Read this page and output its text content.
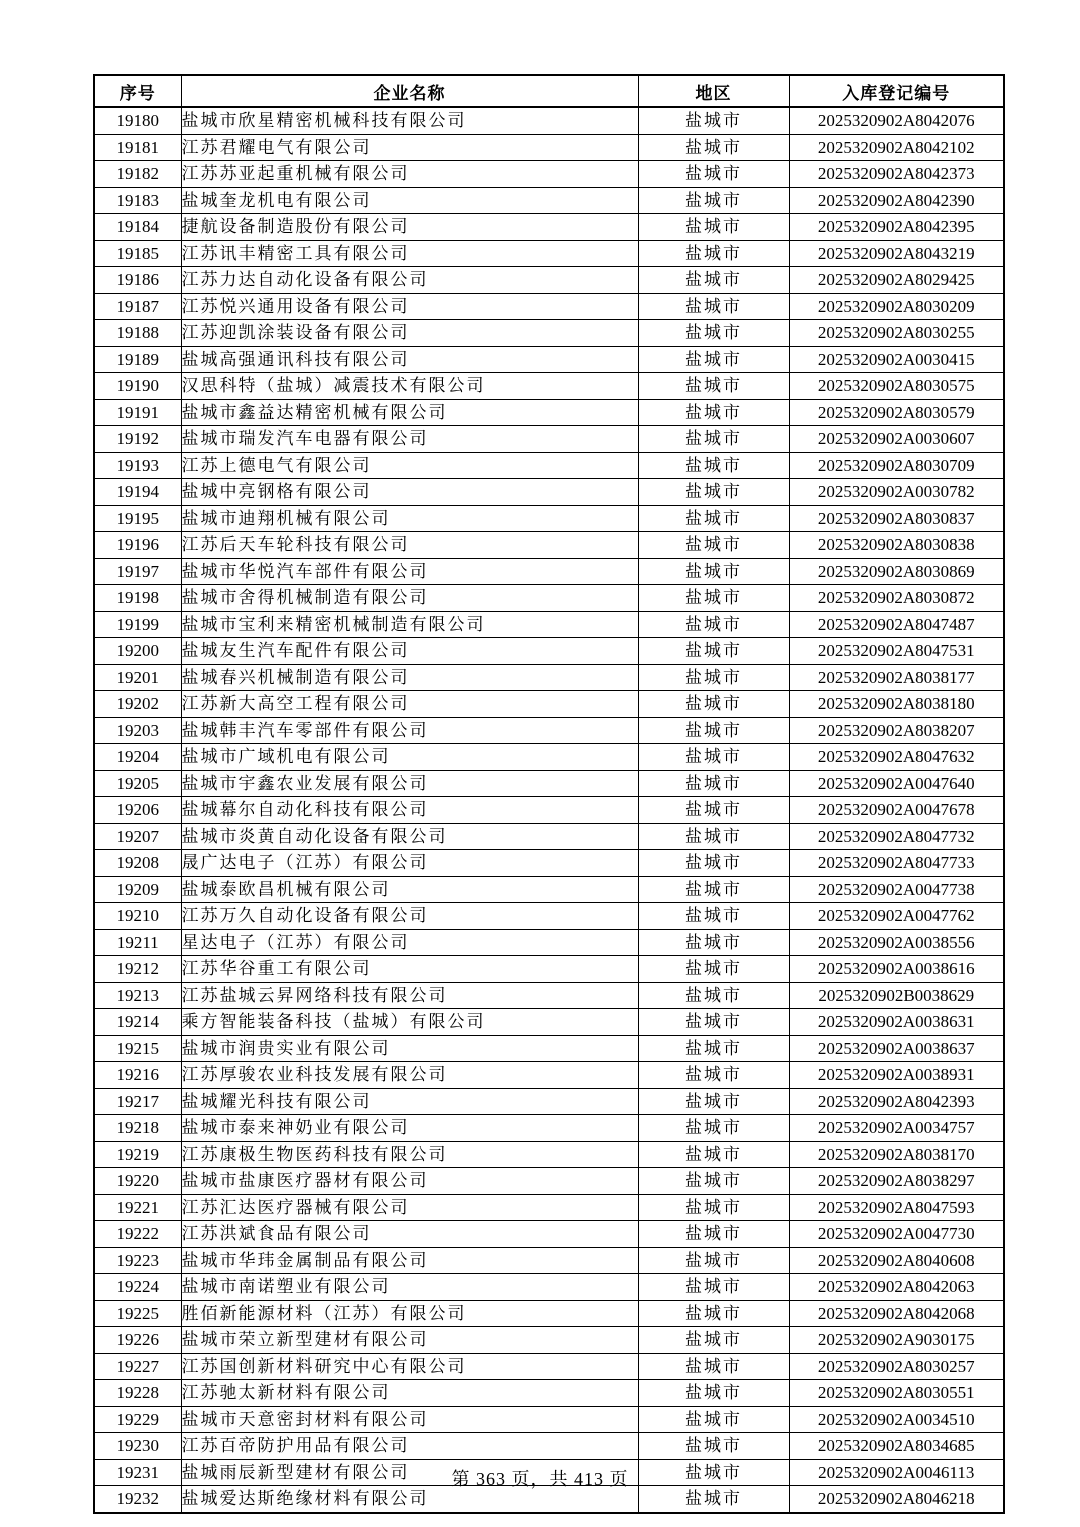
序号	企业名称	地区	入库登记编号
19180	盐城市欣星精密机械科技有限公司	盐城市	2025320902A8042076
19181	江苏君耀电气有限公司	盐城市	2025320902A8042102
19182	江苏苏亚起重机械有限公司	盐城市	2025320902A8042373
19183	盐城奎龙机电有限公司	盐城市	2025320902A8042390
19184	捷航设备制造股份有限公司	盐城市	2025320902A8042395
19185	江苏讯丰精密工具有限公司	盐城市	2025320902A8043219
19186	江苏力达自动化设备有限公司	盐城市	2025320902A8029425
19187	江苏悦兴通用设备有限公司	盐城市	2025320902A8030209
19188	江苏迎凯涂装设备有限公司	盐城市	2025320902A8030255
19189	盐城高强通讯科技有限公司	盐城市	2025320902A0030415
19190	汉思科特（盐城）减震技术有限公司	盐城市	2025320902A8030575
19191	盐城市鑫益达精密机械有限公司	盐城市	2025320902A8030579
19192	盐城市瑞发汽车电器有限公司	盐城市	2025320902A0030607
19193	江苏上德电气有限公司	盐城市	2025320902A8030709
19194	盐城中亮钢格有限公司	盐城市	2025320902A0030782
19195	盐城市迪翔机械有限公司	盐城市	2025320902A8030837
19196	江苏后天车轮科技有限公司	盐城市	2025320902A8030838
19197	盐城市华悦汽车部件有限公司	盐城市	2025320902A8030869
19198	盐城市舍得机械制造有限公司	盐城市	2025320902A8030872
19199	盐城市宝利来精密机械制造有限公司	盐城市	2025320902A8047487
19200	盐城友生汽车配件有限公司	盐城市	2025320902A8047531
19201	盐城春兴机械制造有限公司	盐城市	2025320902A8038177
19202	江苏新大高空工程有限公司	盐城市	2025320902A8038180
19203	盐城韩丰汽车零部件有限公司	盐城市	2025320902A8038207
19204	盐城市广域机电有限公司	盐城市	2025320902A8047632
19205	盐城市宇鑫农业发展有限公司	盐城市	2025320902A0047640
19206	盐城幕尔自动化科技有限公司	盐城市	2025320902A0047678
19207	盐城市炎黄自动化设备有限公司	盐城市	2025320902A8047732
19208	晟广达电子（江苏）有限公司	盐城市	2025320902A8047733
19209	盐城泰欧昌机械有限公司	盐城市	2025320902A0047738
19210	江苏万久自动化设备有限公司	盐城市	2025320902A0047762
19211	星达电子（江苏）有限公司	盐城市	2025320902A0038556
19212	江苏华谷重工有限公司	盐城市	2025320902A0038616
19213	江苏盐城云昇网络科技有限公司	盐城市	2025320902B0038629
19214	乘方智能装备科技（盐城）有限公司	盐城市	2025320902A0038631
19215	盐城市润贵实业有限公司	盐城市	2025320902A0038637
19216	江苏厚骏农业科技发展有限公司	盐城市	2025320902A0038931
19217	盐城耀光科技有限公司	盐城市	2025320902A8042393
19218	盐城市泰来神奶业有限公司	盐城市	2025320902A0034757
19219	江苏康极生物医药科技有限公司	盐城市	2025320902A8038170
19220	盐城市盐康医疗器材有限公司	盐城市	2025320902A8038297
19221	江苏汇达医疗器械有限公司	盐城市	2025320902A8047593
19222	江苏洪斌食品有限公司	盐城市	2025320902A0047730
19223	盐城市华玮金属制品有限公司	盐城市	2025320902A8040608
19224	盐城市南诺塑业有限公司	盐城市	2025320902A8042063
19225	胜佰新能源材料（江苏）有限公司	盐城市	2025320902A8042068
19226	盐城市荣立新型建材有限公司	盐城市	2025320902A9030175
19227	江苏国创新材料研究中心有限公司	盐城市	2025320902A8030257
19228	江苏驰太新材料有限公司	盐城市	2025320902A8030551
19229	盐城市天意密封材料有限公司	盐城市	2025320902A0034510
19230	江苏百帝防护用品有限公司	盐城市	2025320902A8034685
19231	盐城雨辰新型建材有限公司	盐城市	2025320902A0046113
19232	盐城爱达斯绝缘材料有限公司	盐城市	2025320902A8046218
第 363 页，共 413 页
